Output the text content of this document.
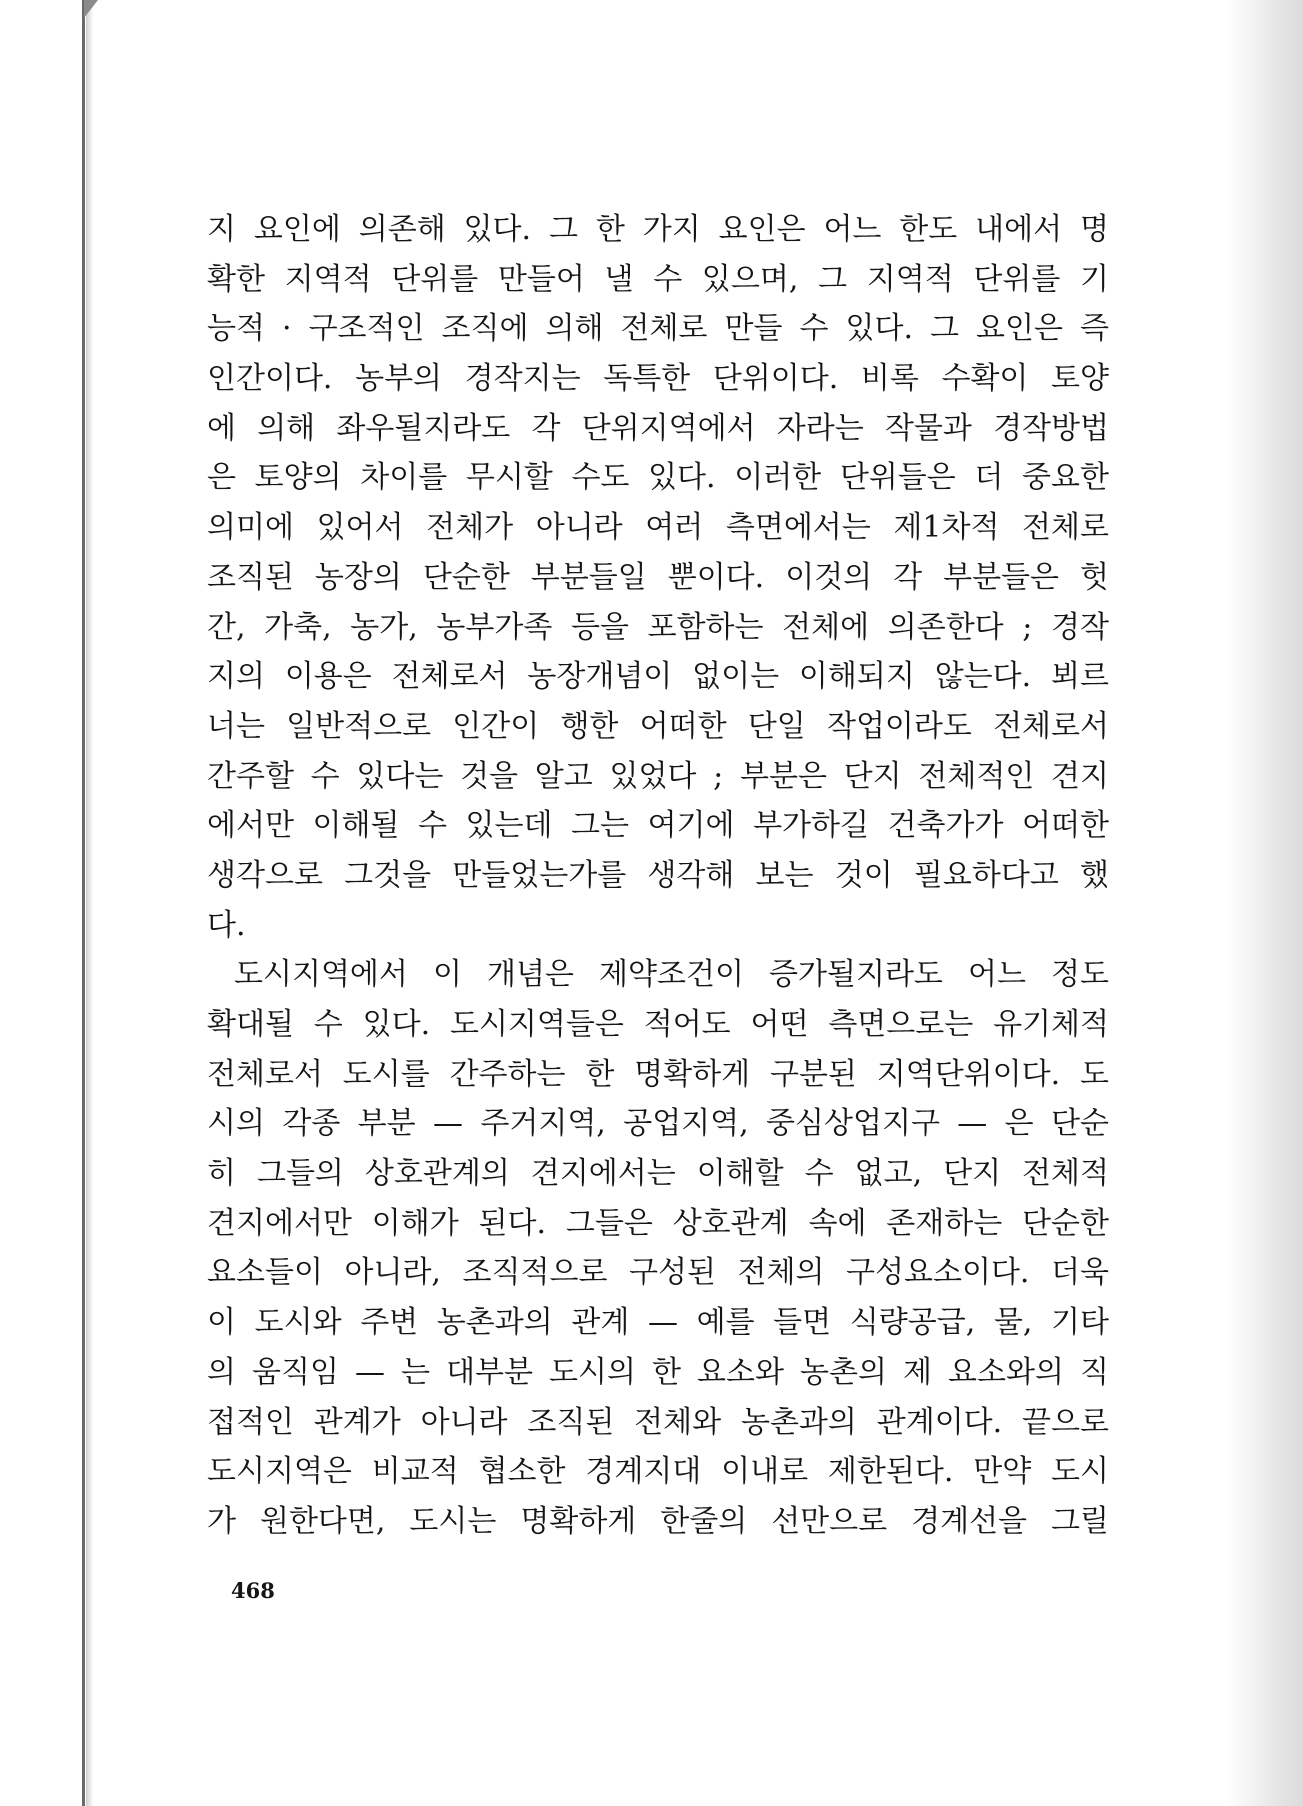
지 요인에 의존해 있다. 그 한 가지 요인은 어느 한도 내에서 명
확한 지역적 단위를 만들어 낼 수 있으며, 그 지역적 단위를 기
능적 · 구조적인 조직에 의해 전체로 만들 수 있다. 그 요인은 즉
인간이다. 농부의 경작지는 독특한 단위이다. 비록 수확이 토양
에 의해 좌우될지라도 각 단위지역에서 자라는 작물과 경작방법
은 토양의 차이를 무시할 수도 있다. 이러한 단위들은 더 중요한
의미에 있어서 전체가 아니라 여러 측면에서는 제1차적 전체로
조직된 농장의 단순한 부분들일 뿐이다. 이것의 각 부분들은 헛
간, 가축, 농가, 농부가족 등을 포함하는 전체에 의존한다 ; 경작
지의 이용은 전체로서 농장개념이 없이는 이해되지 않는다. 뵈르
너는 일반적으로 인간이 행한 어떠한 단일 작업이라도 전체로서
간주할 수 있다는 것을 알고 있었다 ; 부분은 단지 전체적인 견지
에서만 이해될 수 있는데 그는 여기에 부가하길 건축가가 어떠한
생각으로 그것을 만들었는가를 생각해 보는 것이 필요하다고 했
다.
도시지역에서 이 개념은 제약조건이 증가될지라도 어느 정도
확대될 수 있다. 도시지역들은 적어도 어떤 측면으로는 유기체적
전체로서 도시를 간주하는 한 명확하게 구분된 지역단위이다. 도
시의 각종 부분 — 주거지역, 공업지역, 중심상업지구 — 은 단순
히 그들의 상호관계의 견지에서는 이해할 수 없고, 단지 전체적
견지에서만 이해가 된다. 그들은 상호관계 속에 존재하는 단순한
요소들이 아니라, 조직적으로 구성된 전체의 구성요소이다. 더욱
이 도시와 주변 농촌과의 관계 — 예를 들면 식량공급, 물, 기타
의 움직임 — 는 대부분 도시의 한 요소와 농촌의 제 요소와의 직
접적인 관계가 아니라 조직된 전체와 농촌과의 관계이다. 끝으로
도시지역은 비교적 협소한 경계지대 이내로 제한된다. 만약 도시
가 원한다면, 도시는 명확하게 한줄의 선만으로 경계선을 그릴
468
